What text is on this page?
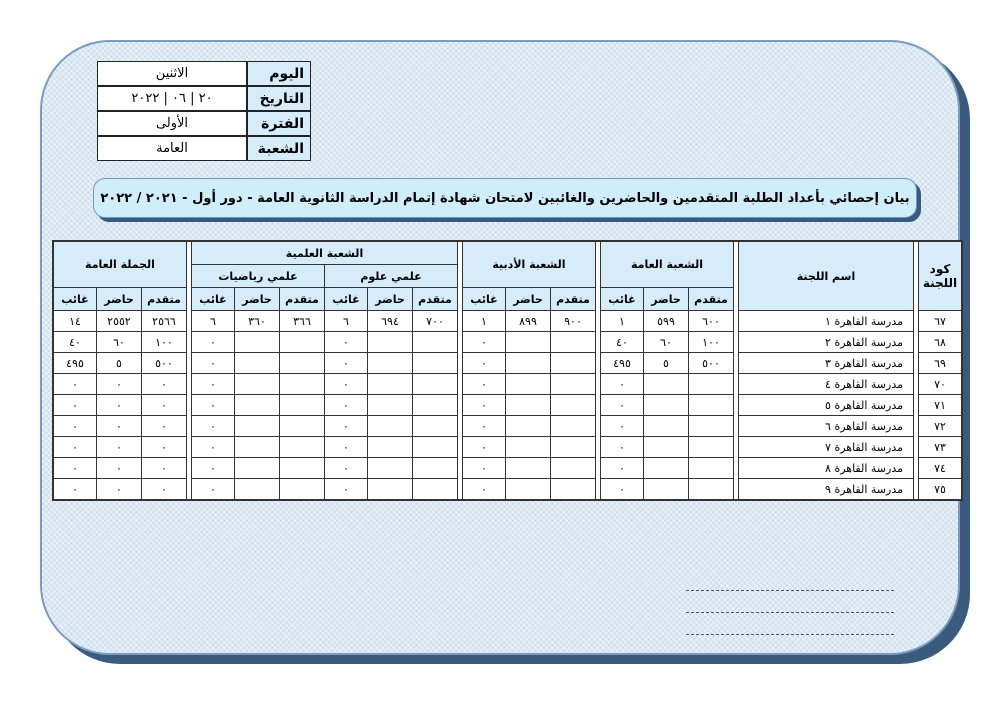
الاثنين	اليوم
٢٠ | ٠٦ | ٢٠٢٢	التاريخ
الأولى	الفترة
العامة	الشعبة
بيان إحصائي بأعداد الطلبة المتقدمين والحاضرين والغائبين لامتحان شهادة إتمام الدراسة الثانوية العامة - دور أول - ٢٠٢١ / ٢٠٢٢
كود اللجنة		اسم اللجنة		الشعبة العامة				الشعبة الأدبية				الشعبة العلمية							الجملة العامة		
												علمي علوم			علمي رياضيات						
				متقدم	حاضر	غائب		متقدم	حاضر	غائب		متقدم	حاضر	غائب	متقدم	حاضر	غائب		متقدم	حاضر	غائب
٦٧		مدرسة القاهرة ١		٦٠٠	٥٩٩	١		٩٠٠	٨٩٩	١		٧٠٠	٦٩٤	٦	٣٦٦	٣٦٠	٦		٢٥٦٦	٢٥٥٢	١٤
٦٨		مدرسة القاهرة ٢		١٠٠	٦٠	٤٠				٠				٠			٠		١٠٠	٦٠	٤٠
٦٩		مدرسة القاهرة ٣		٥٠٠	٥	٤٩٥				٠				٠			٠		٥٠٠	٥	٤٩٥
٧٠		مدرسة القاهرة ٤				٠				٠				٠			٠		٠	٠	٠
٧١		مدرسة القاهرة ٥				٠				٠				٠			٠		٠	٠	٠
٧٢		مدرسة القاهرة ٦				٠				٠				٠			٠		٠	٠	٠
٧٣		مدرسة القاهرة ٧				٠				٠				٠			٠		٠	٠	٠
٧٤		مدرسة القاهرة ٨				٠				٠				٠			٠		٠	٠	٠
٧٥		مدرسة القاهرة ٩				٠				٠				٠			٠		٠	٠	٠
